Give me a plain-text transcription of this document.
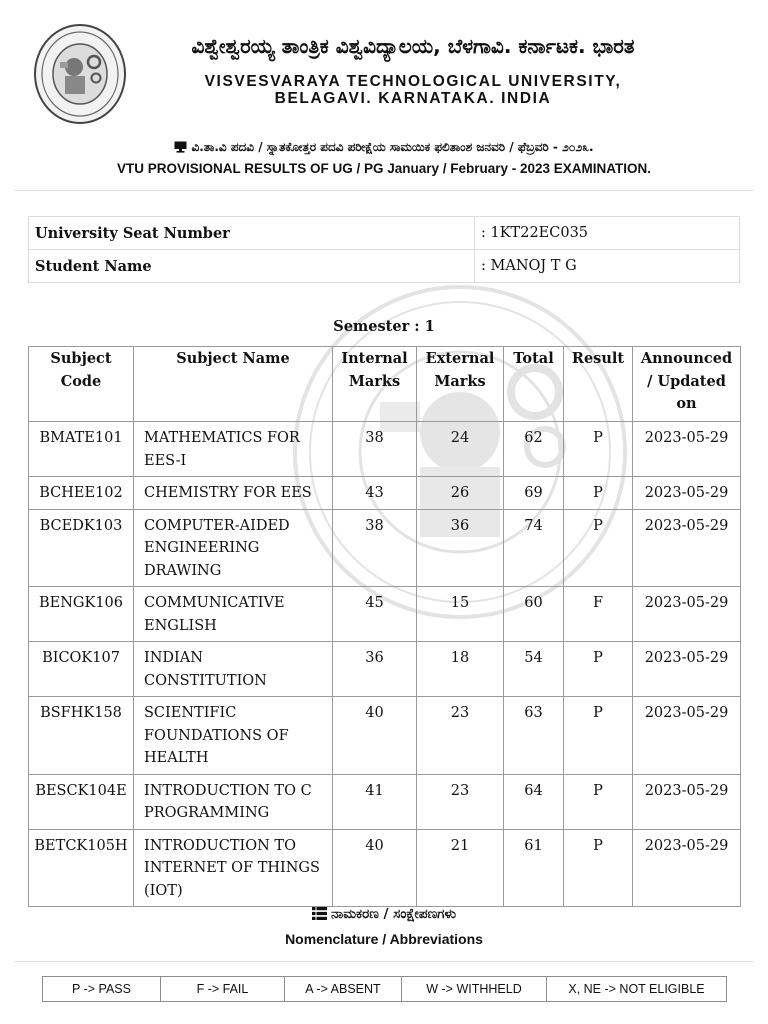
ವಿಶ್ವೇಶ್ವರಯ್ಯ ತಾಂತ್ರಿಕ ವಿಶ್ವವಿದ್ಯಾಲಯ, ಬೆಳಗಾವಿ. ಕರ್ನಾಟಕ. ಭಾರತ
VISVESVARAYA TECHNOLOGICAL UNIVERSITY,
BELAGAVI. KARNATAKA. INDIA
ವಿ.ತಾ.ವಿ ಪದವಿ / ಸ್ನಾತಕೋತ್ತರ ಪದವಿ ಪರೀಕ್ಷೆಯ ಸಾಮಯಿಕ ಫಲಿತಾಂಶ ಜನವರಿ / ಫೆಬ್ರವರಿ - ೨೦೨೩.
VTU PROVISIONAL RESULTS OF UG / PG January / February - 2023 EXAMINATION.
University Seat Number	: 1KT22EC035
Student Name	: MANOJ T G
Semester : 1
Subject Code	Subject Name	Internal Marks	External Marks	Total	Result	Announced / Updated on
BMATE101	MATHEMATICS FOR EES-I	38	24	62	P	2023-05-29
BCHEE102	CHEMISTRY FOR EES	43	26	69	P	2023-05-29
BCEDK103	COMPUTER-AIDED ENGINEERING DRAWING	38	36	74	P	2023-05-29
BENGK106	COMMUNICATIVE ENGLISH	45	15	60	F	2023-05-29
BICOK107	INDIAN CONSTITUTION	36	18	54	P	2023-05-29
BSFHK158	SCIENTIFIC FOUNDATIONS OF HEALTH	40	23	63	P	2023-05-29
BESCK104E	INTRODUCTION TO C PROGRAMMING	41	23	64	P	2023-05-29
BETCK105H	INTRODUCTION TO INTERNET OF THINGS (IOT)	40	21	61	P	2023-05-29
ನಾಮಕರಣ / ಸಂಕ್ಷೇಪಣಗಳು
Nomenclature / Abbreviations
P -> PASS	F -> FAIL	A -> ABSENT	W -> WITHHELD	X, NE -> NOT ELIGIBLE
